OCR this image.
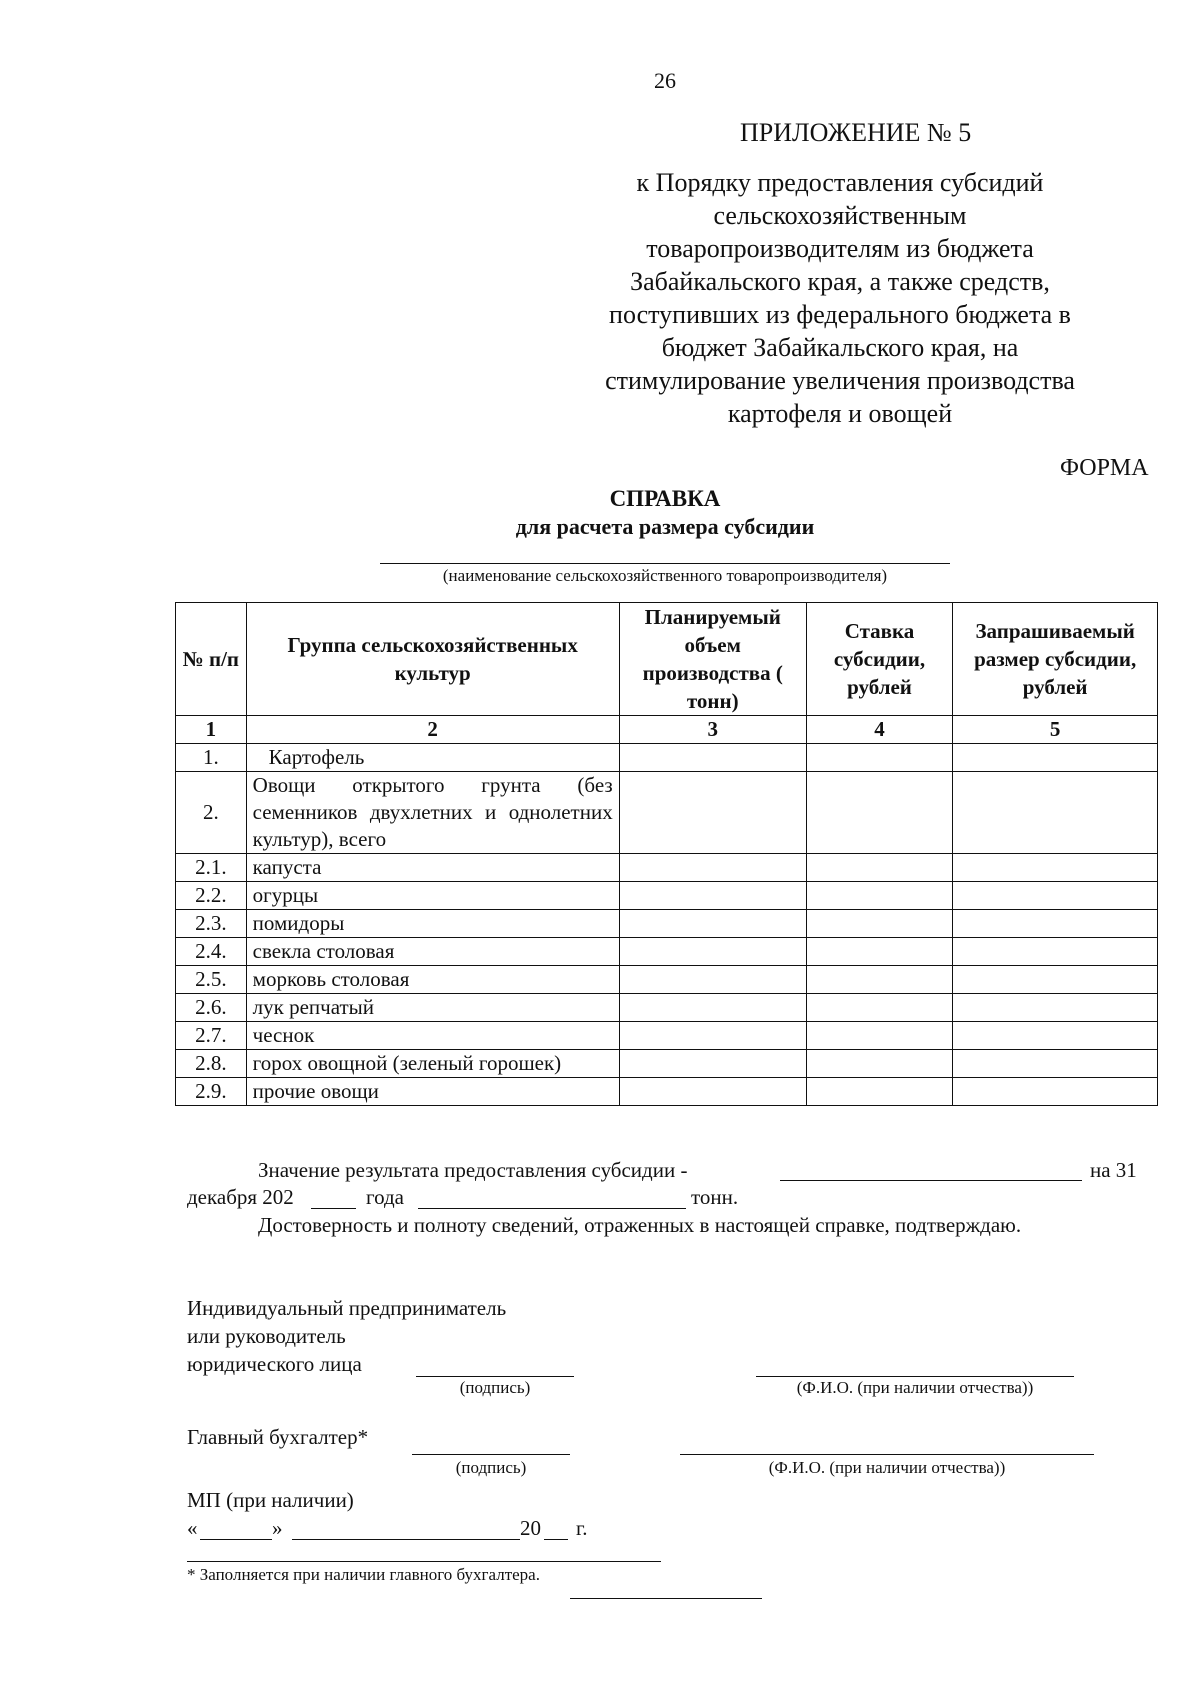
26
ПРИЛОЖЕНИЕ № 5
к Порядку предоставления субсидий
сельскохозяйственным
товаропроизводителям из бюджета
Забайкальского края, а также средств,
поступивших из федерального бюджета в
бюджет Забайкальского края, на
стимулирование увеличения производства
картофеля и овощей
ФОРМА
СПРАВКА
для расчета размера субсидии
(наименование сельскохозяйственного товаропроизводителя)
№ п/п	Группа сельскохозяйственных культур	Планируемый объем производства ( тонн)	Ставка субсидии, рублей	Запрашиваемый размер субсидии, рублей
1	2	3	4	5
1.	Картофель			
2.	Овощи открытого грунта (без семенников двухлетних и однолетних культур), всего			
2.1.	капуста			
2.2.	огурцы			
2.3.	помидоры			
2.4.	свекла столовая			
2.5.	морковь столовая			
2.6.	лук репчатый			
2.7.	чеснок			
2.8.	горох овощной (зеленый горошек)			
2.9.	прочие овощи			
Значение результата предоставления субсидии -	на 31
декабря 202	года	тонн.
Достоверность и полноту сведений, отраженных в настоящей справке, подтверждаю.
Индивидуальный предприниматель
или руководитель
юридического лица
(подпись)	(Ф.И.О. (при наличии отчества))
Главный бухгалтер*
(подпись)	(Ф.И.О. (при наличии отчества))
МП (при наличии)
«	»	20 г.
* Заполняется при наличии главного бухгалтера.
